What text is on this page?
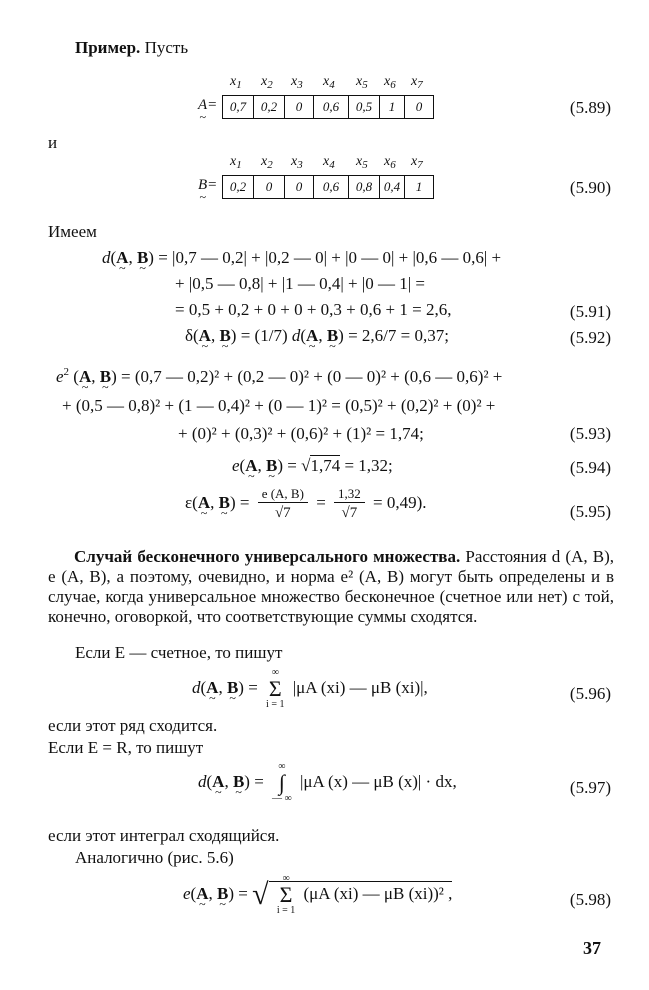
Пример. Пусть
A ~=
$x_1$ $x_2$ $x_3$ $x_4$ $x_5$ $x_6$ $x_7$
0,7	0,2	0	0,6	0,5	1	0	(5.89)
и
B ~=
$x_1$ $x_2$ $x_3$ $x_4$ $x_5$ $x_6$ $x_7$
0,2	0	0	0,6	0,8 0,4	1	(5.90)
Имеем
d(A ~, B ~) = |0,7 — 0,2| + |0,2 — 0| + |0 — 0| + |0,6 — 0,6| +
+ |0,5 — 0,8| + |1 — 0,4| + |0 — 1| =
= 0,5 + 0,2 + 0 + 0 + 0,3 + 0,6 + 1 = 2,6,	(5.91)
δ(A ~, B ~) = (1/7) d(A ~, B ~) = 2,6/7 = 0,37;	(5.92)
$e^2$ (A ~, B ~) = (0,7 — 0,2)² + (0,2 — 0)² + (0 — 0)² + (0,6 — 0,6)² +
+ (0,5 — 0,8)² + (1 — 0,4)² + (0 — 1)² = (0,5)² + (0,2)² + (0)² +
+ (0)² + (0,3)² + (0,6)² + (1)² = 1,74;	(5.93)
e(A ~, B ~) = √1,74 = 1,32;	(5.94)
ε(A ~, B ~) = $\frac{e (A, B)}{√7} = \frac{1,32}{√7} = 0,49$).	(5.95)
Случай бесконечного универсального множества. Расстояния d (A, B), e (A, B), а поэтому, очевидно, и норма e² (A, B) могут быть определены и в случае, когда универсальное множество бесконечное (счетное или нет) с той, конечно, оговоркой, что соответствующие суммы сходятся.
Если E — счетное, то пишут
d(A ~, B ~) =
∞
Σ
i = 1
|μA (xi) — μB (xi)|,	(5.96)
если этот ряд сходится.
Если E = R, то пишут
d(A ~, B ~) =
∞
∫
— ∞
|μA (x) — μB (x)| · dx,	(5.97)
если этот интеграл сходящийся.
Аналогично (рис. 5.6)
e(A ~, B ~) = √ ∞
Σ
i = 1
(μA (xi) — μB (xi))² ,	(5.98)
37
